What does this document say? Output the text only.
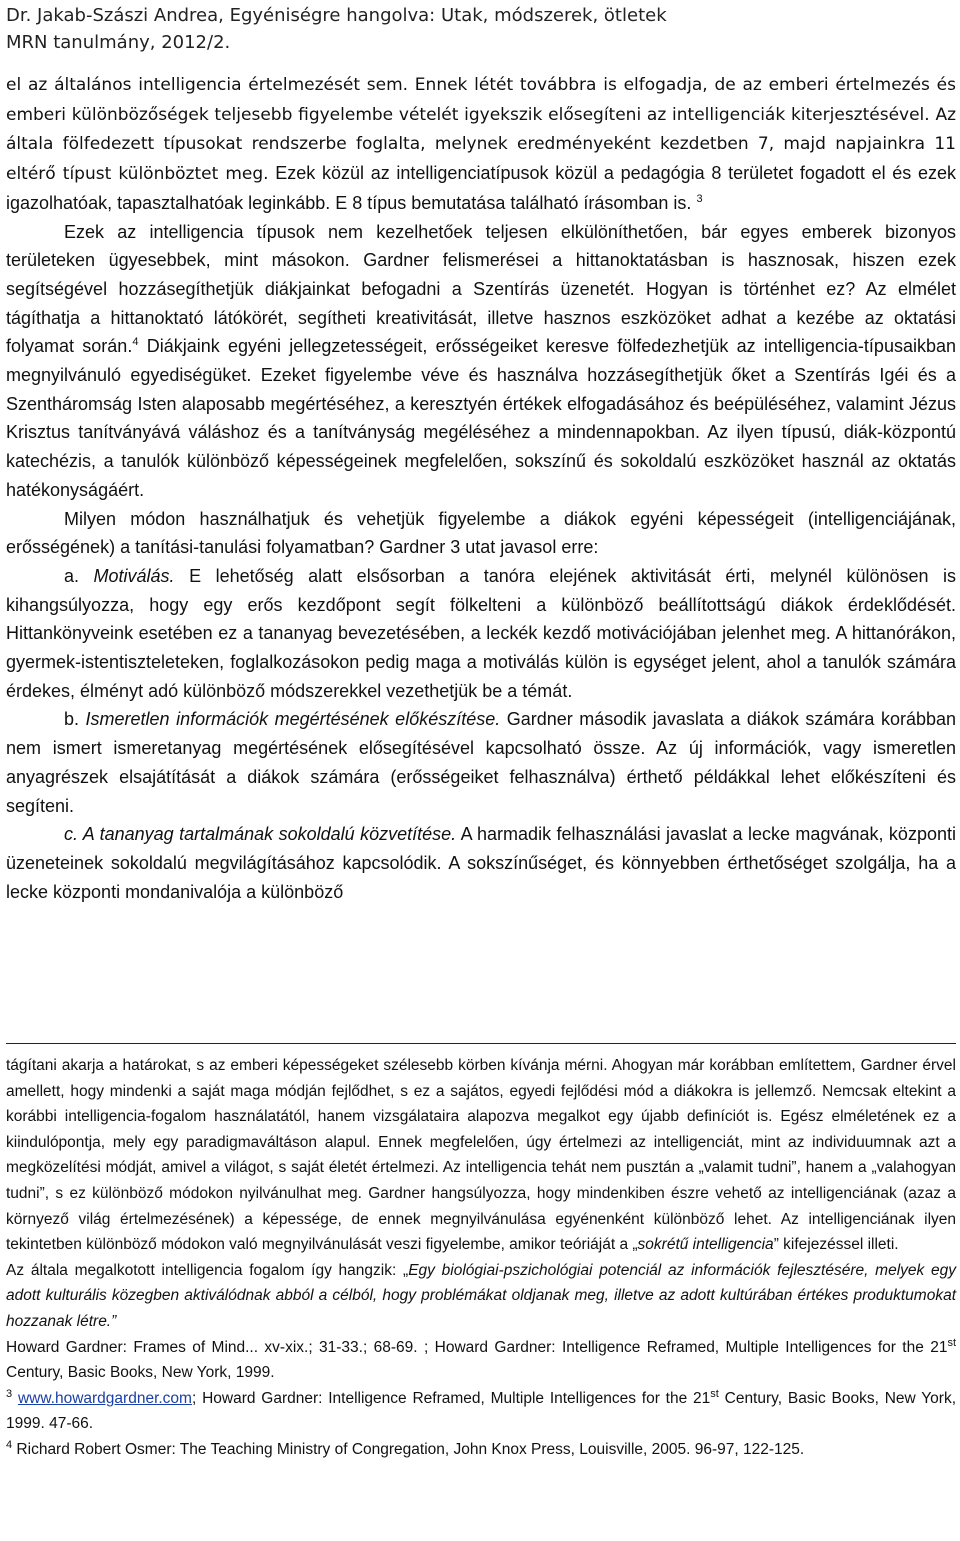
Dr. Jakab-Szászi Andrea, Egyéniségre hangolva: Utak, módszerek, ötletek
MRN tanulmány, 2012/2.

el az általános intelligencia értelmezését sem. Ennek létét továbbra is elfogadja, de az emberi értelmezés és emberi különbözőségek teljesebb figyelembe vételét igyekszik elősegíteni az intelligenciák kiterjesztésével. Az általa fölfedezett típusokat rendszerbe foglalta, melynek eredményeként kezdetben 7, majd napjainkra 11 eltérő típust különböztet meg. Ezek közül az intelligenciatípusok közül a pedagógia 8 területet fogadott el és ezek igazolhatóak, tapasztalhatóak leginkább. E 8 típus bemutatása található írásomban is. $^3$

Ezek az intelligencia típusok nem kezelhetőek teljesen elkülöníthetően, bár egyes emberek bizonyos területeken ügyesebbek, mint másokon. Gardner felismerései a hittanoktatásban is hasznosak, hiszen ezek segítségével hozzásegíthetjük diákjainkat befogadni a Szentírás üzenetét. Hogyan is történhet ez? Az elmélet tágíthatja a hittanoktató látókörét, segítheti kreativitását, illetve hasznos eszközöket adhat a kezébe az oktatási folyamat során.$^4$ Diákjaink egyéni jellegzetességeit, erősségeiket keresve fölfedezhetjük az intelligencia-típusaikban megnyilvánuló egyediségüket. Ezeket figyelembe véve és használva hozzásegíthetjük őket a Szentírás Igéi és a Szentháromság Isten alaposabb megértéséhez, a keresztyén értékek elfogadásához és beépüléséhez, valamint Jézus Krisztus tanítványává váláshoz és a tanítványság megéléséhez a mindennapokban. Az ilyen típusú, diák-központú katechézis, a tanulók különböző képességeinek megfelelően, sokszínű és sokoldalú eszközöket használ az oktatás hatékonyságáért.

Milyen módon használhatjuk és vehetjük figyelembe a diákok egyéni képességeit (intelligenciájának, erősségének) a tanítási-tanulási folyamatban? Gardner 3 utat javasol erre:

a. Motiválás. E lehetőség alatt elsősorban a tanóra elejének aktivitását érti, melynél különösen is kihangsúlyozza, hogy egy erős kezdőpont segít fölkelteni a különböző beállítottságú diákok érdeklődését. Hittankönyveink esetében ez a tananyag bevezetésében, a leckék kezdő motivációjában jelenhet meg. A hittanórákon, gyermek-istentiszteleteken, foglalkozásokon pedig maga a motiválás külön is egységet jelent, ahol a tanulók számára érdekes, élményt adó különböző módszerekkel vezethetjük be a témát.

b. Ismeretlen információk megértésének előkészítése. Gardner második javaslata a diákok számára korábban nem ismert ismeretanyag megértésének elősegítésével kapcsolható össze. Az új információk, vagy ismeretlen anyagrészek elsajátítását a diákok számára (erősségeiket felhasználva) érthető példákkal lehet előkészíteni és segíteni.

c. A tananyag tartalmának sokoldalú közvetítése. A harmadik felhasználási javaslat a lecke magvának, központi üzeneteinek sokoldalú megvilágításához kapcsolódik. A sokszínűséget, és könnyebben érthetőséget szolgálja, ha a lecke központi mondanivalója a különböző

tágítani akarja a határokat, s az emberi képességeket szélesebb körben kívánja mérni. Ahogyan már korábban említettem, Gardner érvel amellett, hogy mindenki a saját maga módján fejlődhet, s ez a sajátos, egyedi fejlődési mód a diákokra is jellemző. Nemcsak eltekint a korábbi intelligencia-fogalom használatától, hanem vizsgálataira alapozva megalkot egy újabb definíciót is. Egész elméletének ez a kiindulópontja, mely egy paradigmaváltáson alapul. Ennek megfelelően, úgy értelmezi az intelligenciát, mint az individuumnak azt a megközelítési módját, amivel a világot, s saját életét értelmezi. Az intelligencia tehát nem pusztán a „valamit tudni”, hanem a „valahogyan tudni”, s ez különböző módokon nyilvánulhat meg. Gardner hangsúlyozza, hogy mindenkiben észre vehető az intelligenciának (azaz a környező világ értelmezésének) a képessége, de ennek megnyilvánulása egyénenként különböző lehet. Az intelligenciának ilyen tekintetben különböző módokon való megnyilvánulását veszi figyelembe, amikor teóriáját a „sokrétű intelligencia” kifejezéssel illeti.

Az általa megalkotott intelligencia fogalom így hangzik: „Egy biológiai-pszichológiai potenciál az információk fejlesztésére, melyek egy adott kulturális közegben aktiválódnak abból a célból, hogy problémákat oldjanak meg, illetve az adott kultúrában értékes produktumokat hozzanak létre.”

Howard Gardner: Frames of Mind... xv-xix.; 31-33.; 68-69. ; Howard Gardner: Intelligence Reframed, Multiple Intelligences for the 21st Century, Basic Books, New York, 1999.

$^3$ www.howardgardner.com; Howard Gardner: Intelligence Reframed, Multiple Intelligences for the 21st Century, Basic Books, New York, 1999. 47-66.

$^4$ Richard Robert Osmer: The Teaching Ministry of Congregation, John Knox Press, Louisville, 2005. 96-97, 122-125.
